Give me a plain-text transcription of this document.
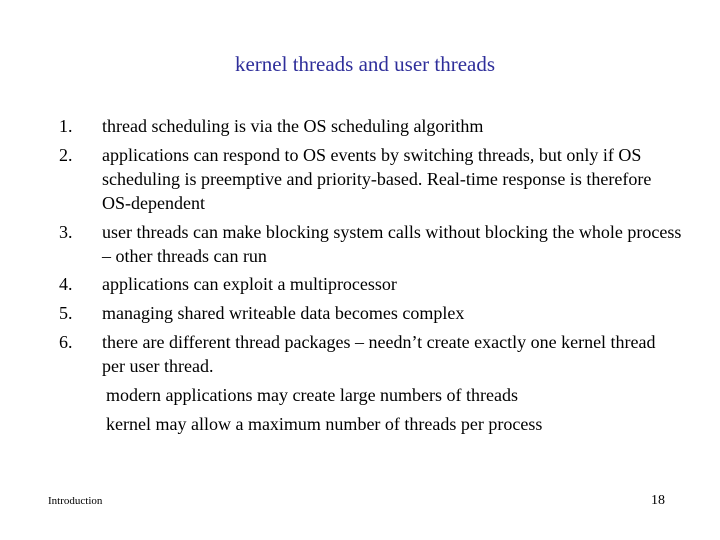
kernel threads and user threads
1. thread scheduling is via the OS scheduling algorithm
2. applications can respond to OS events by switching threads, but only if OS scheduling is preemptive and priority-based. Real-time response is therefore OS-dependent
3. user threads can make blocking system calls without blocking the whole process – other threads can run
4. applications can exploit a multiprocessor
5. managing shared writeable data becomes complex
6. there are different thread packages – needn’t create exactly one kernel thread per user thread.
modern applications may create large numbers of threads
kernel may allow a maximum number of threads per process
Introduction	18
